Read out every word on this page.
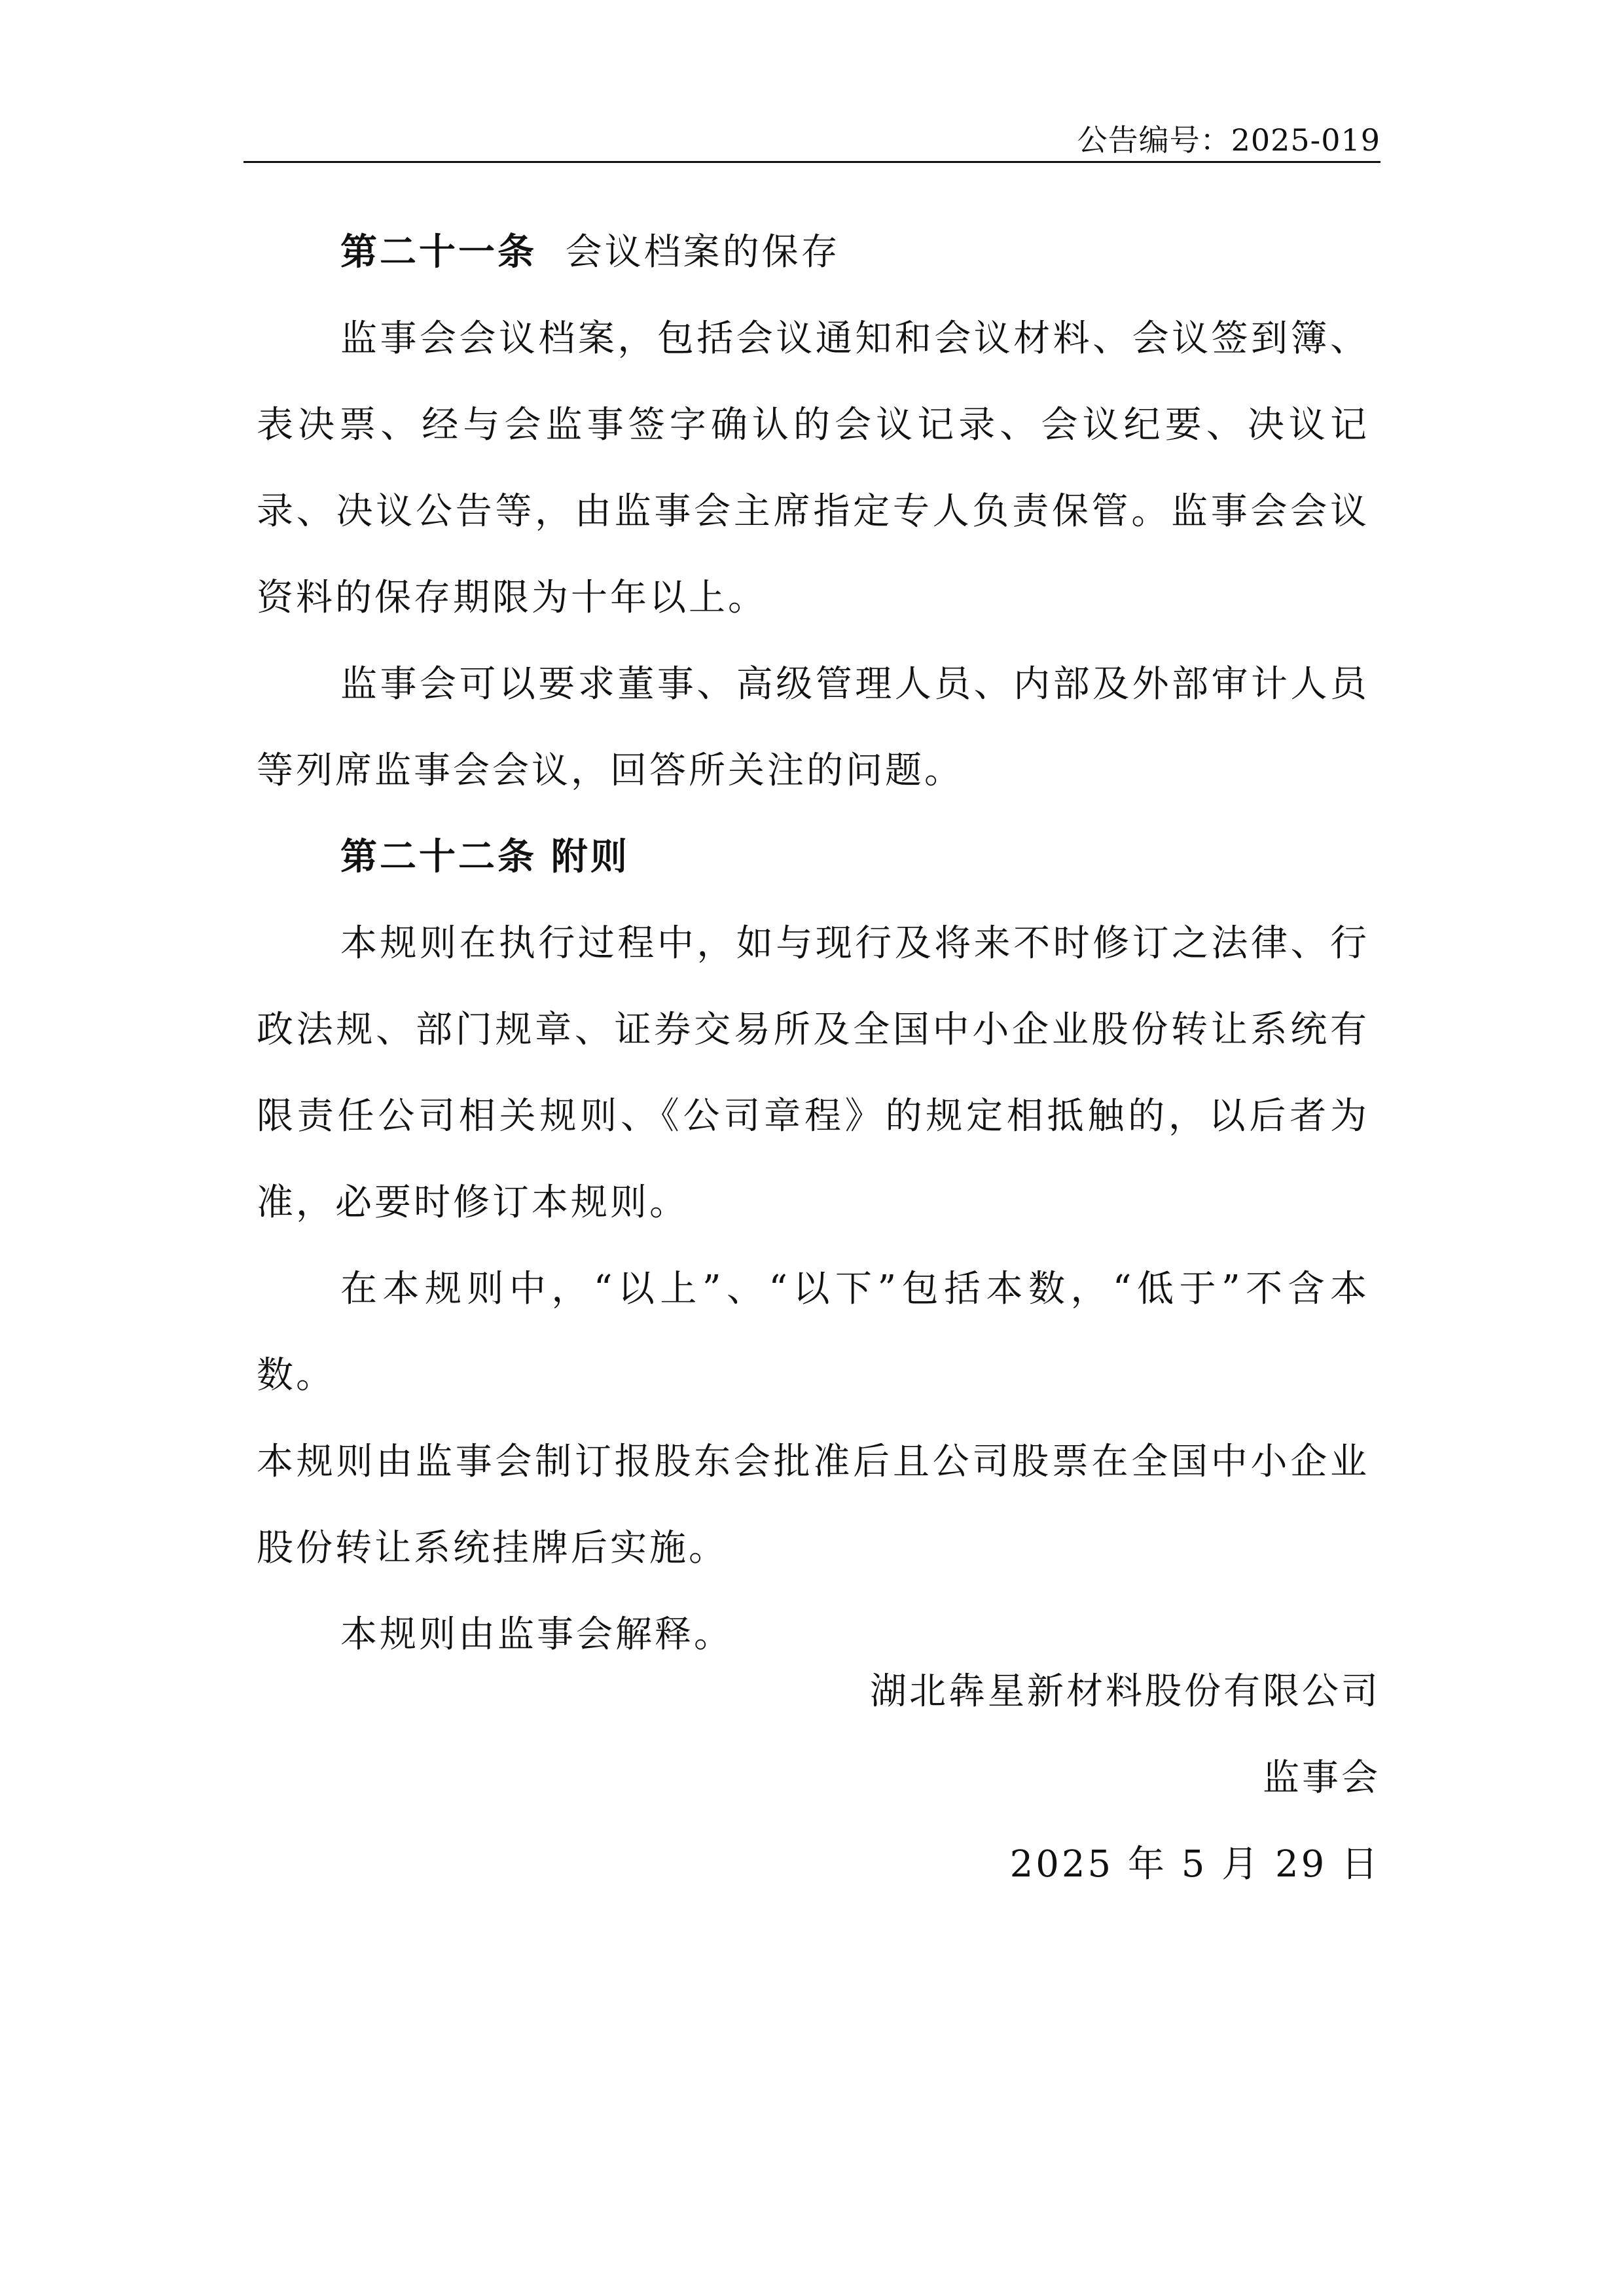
公告编号：2025-019

第二十一条 会议档案的保存

监事会会议档案，包括会议通知和会议材料、会议签到簿、表决票、经与会监事签字确认的会议记录、会议纪要、决议记录、决议公告等，由监事会主席指定专人负责保管。监事会会议资料的保存期限为十年以上。

监事会可以要求董事、高级管理人员、内部及外部审计人员等列席监事会会议，回答所关注的问题。

第二十二条 附则

本规则在执行过程中，如与现行及将来不时修订之法律、行政法规、部门规章、证券交易所及全国中小企业股份转让系统有限责任公司相关规则、《公司章程》的规定相抵触的，以后者为准，必要时修订本规则。

在本规则中，“以上”、“以下”包括本数，“低于”不含本数。

本规则由监事会制订报股东会批准后且公司股票在全国中小企业股份转让系统挂牌后实施。

本规则由监事会解释。

湖北犇星新材料股份有限公司
监事会
2025 年 5 月 29 日
